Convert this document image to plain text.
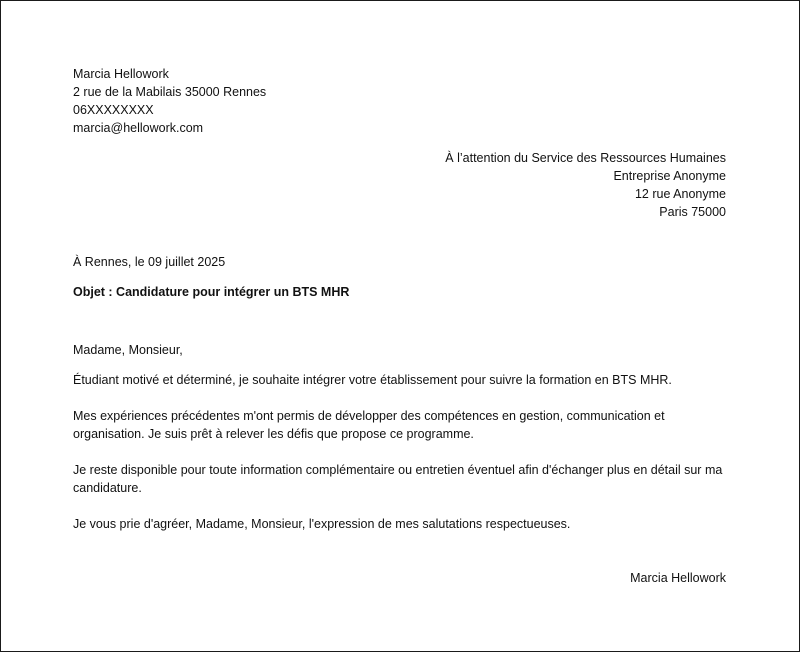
Marcia Hellowork
2 rue de la Mabilais 35000 Rennes
06XXXXXXXX
marcia@hellowork.com
À l’attention du Service des Ressources Humaines
Entreprise Anonyme
12 rue Anonyme
Paris 75000
À Rennes, le 09 juillet 2025
Objet : Candidature pour intégrer un BTS MHR
Madame, Monsieur,
Étudiant motivé et déterminé, je souhaite intégrer votre établissement pour suivre la formation en BTS MHR.
Mes expériences précédentes m'ont permis de développer des compétences en gestion, communication et organisation. Je suis prêt à relever les défis que propose ce programme.
Je reste disponible pour toute information complémentaire ou entretien éventuel afin d'échanger plus en détail sur ma candidature.
Je vous prie d'agréer, Madame, Monsieur, l'expression de mes salutations respectueuses.
Marcia Hellowork
